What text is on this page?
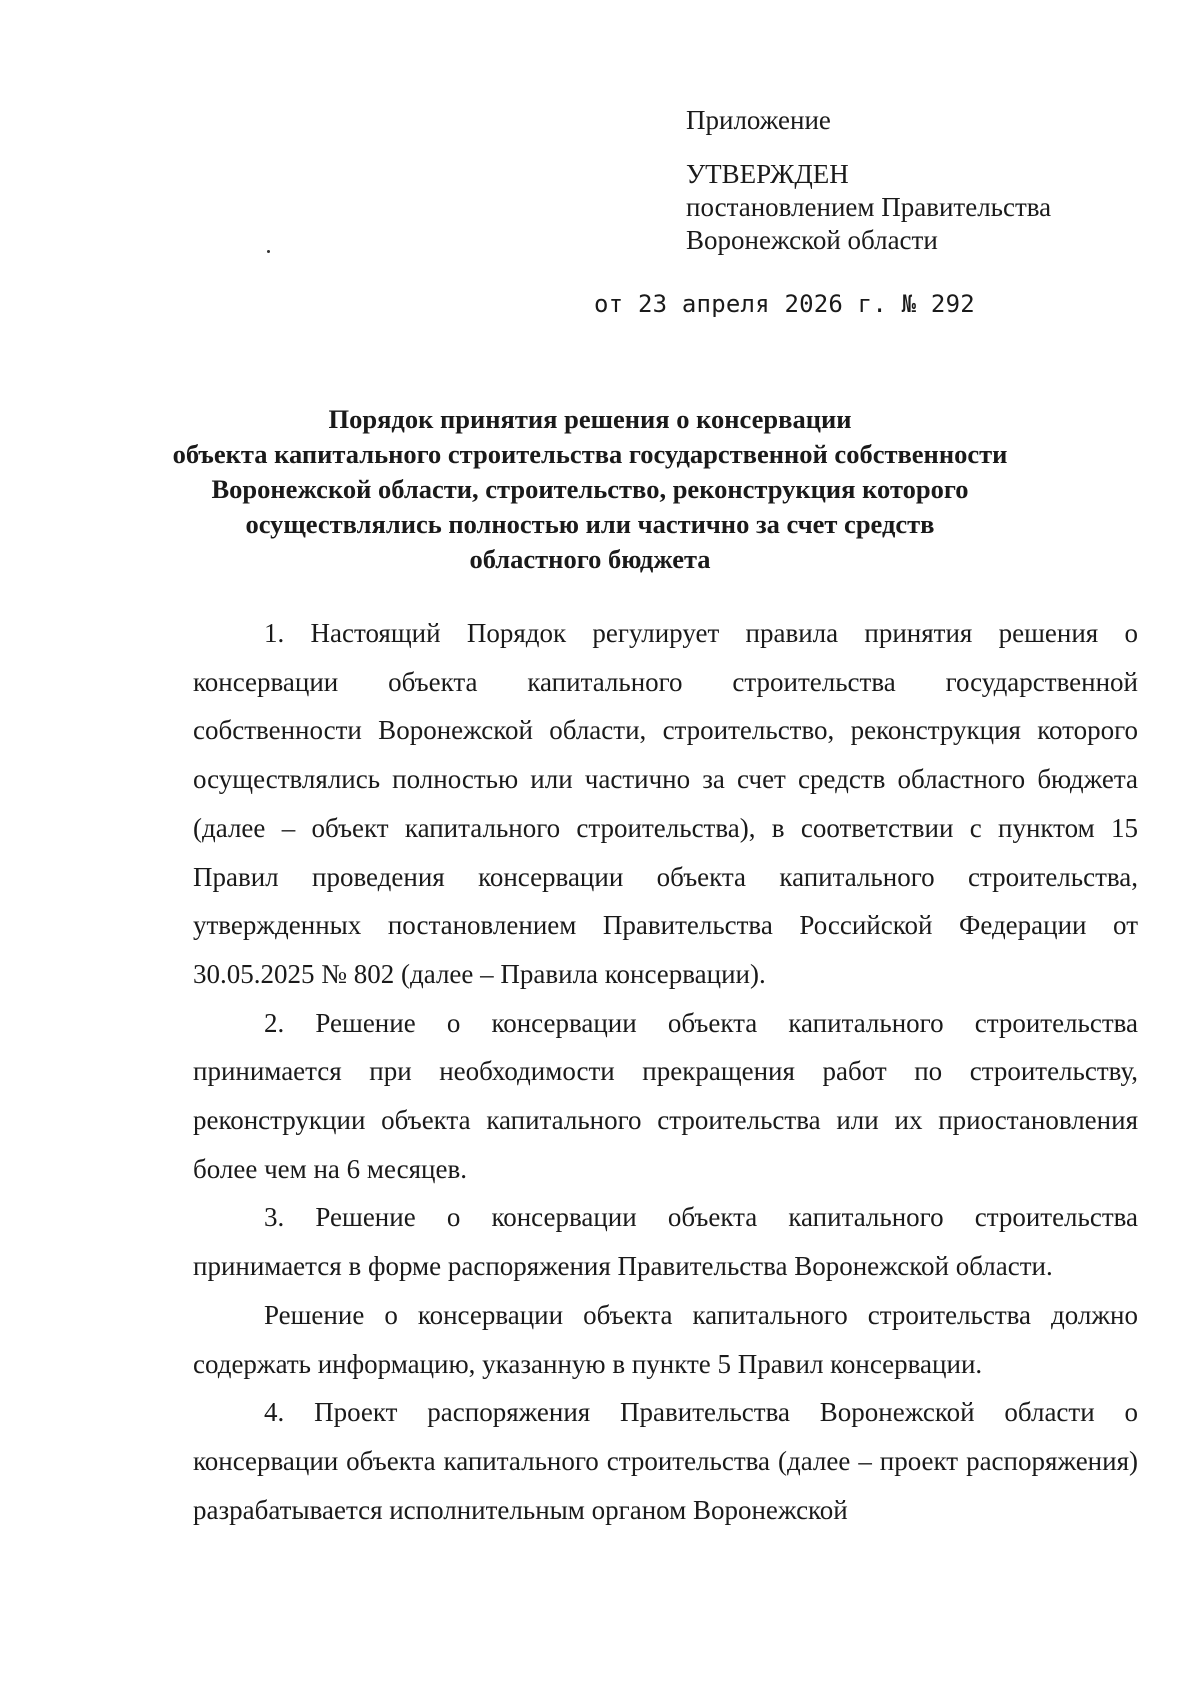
Приложение
УТВЕРЖДЕН
постановлением Правительства
Воронежской области
от 23 апреля 2026 г. № 292
Порядок принятия решения о консервации
объекта капитального строительства государственной собственности
Воронежской области, строительство, реконструкция которого
осуществлялись полностью или частично за счет средств
областного бюджета

1. Настоящий Порядок регулирует правила принятия решения о консервации объекта капитального строительства государственной собственности Воронежской области, строительство, реконструкция которого осуществлялись полностью или частично за счет средств областного бюджета (далее – объект капитального строительства), в соответствии с пунктом 15 Правил проведения консервации объекта капитального строительства, утвержденных постановлением Правительства Российской Федерации от 30.05.2025 № 802 (далее – Правила консервации).

2. Решение о консервации объекта капитального строительства принимается при необходимости прекращения работ по строительству, реконструкции объекта капитального строительства или их приостановления более чем на 6 месяцев.

3. Решение о консервации объекта капитального строительства принимается в форме распоряжения Правительства Воронежской области.

Решение о консервации объекта капитального строительства должно содержать информацию, указанную в пункте 5 Правил консервации.

4. Проект распоряжения Правительства Воронежской области о консервации объекта капитального строительства (далее – проект распоряжения) разрабатывается исполнительным органом Воронежской
